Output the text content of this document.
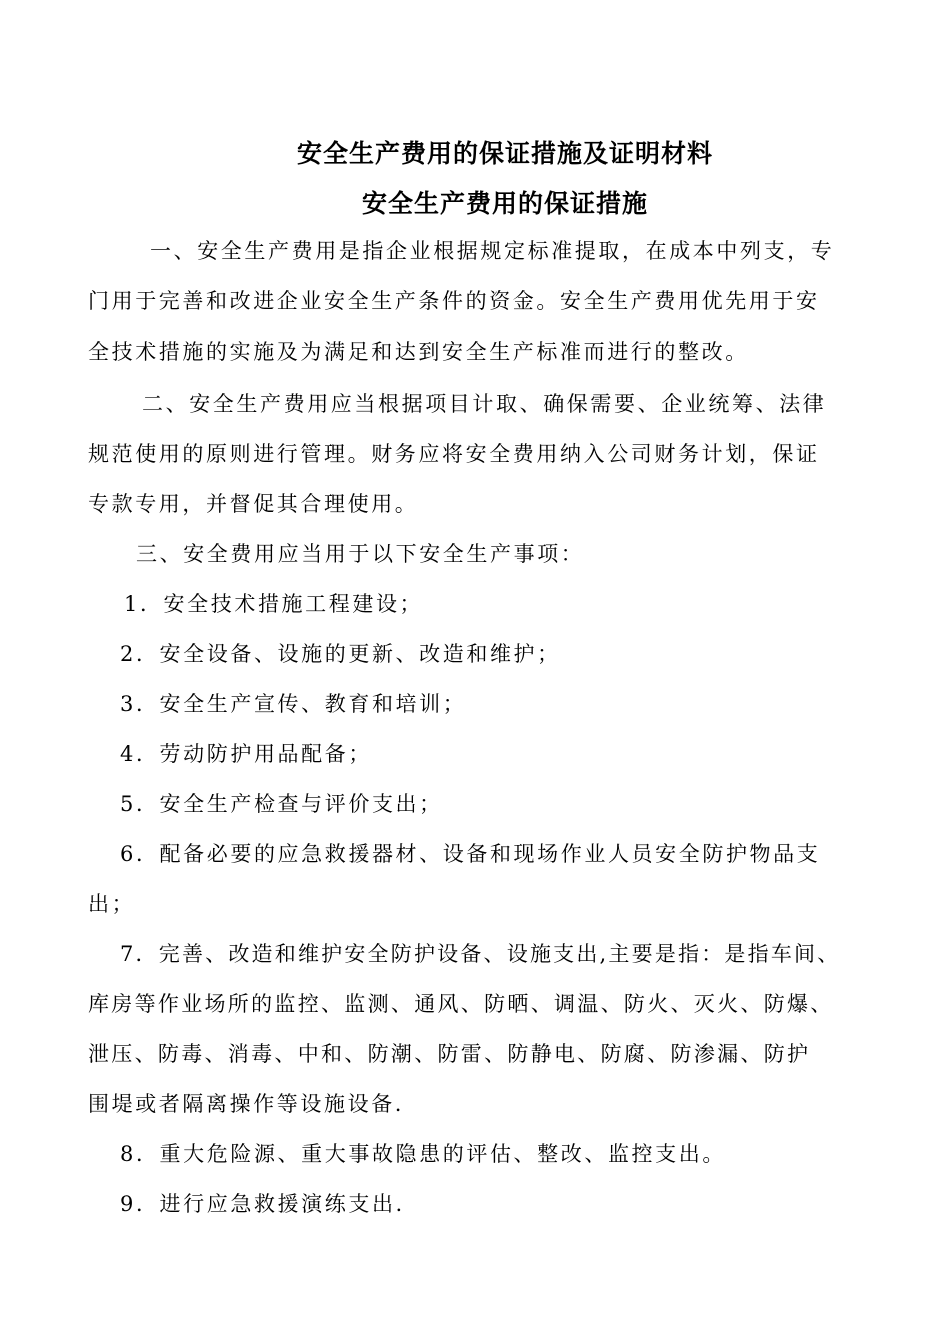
安全生产费用的保证措施及证明材料
安全生产费用的保证措施
一、安全生产费用是指企业根据规定标准提取，在成本中列支，专
门用于完善和改进企业安全生产条件的资金。安全生产费用优先用于安
全技术措施的实施及为满足和达到安全生产标准而进行的整改。
二、安全生产费用应当根据项目计取、确保需要、企业统筹、法律
规范使用的原则进行管理。财务应将安全费用纳入公司财务计划，保证
专款专用，并督促其合理使用。
三、安全费用应当用于以下安全生产事项：
1．安全技术措施工程建设；
2．安全设备、设施的更新、改造和维护；
3．安全生产宣传、教育和培训；
4．劳动防护用品配备；
5．安全生产检查与评价支出；
6．配备必要的应急救援器材、设备和现场作业人员安全防护物品支
出；
7．完善、改造和维护安全防护设备、设施支出,主要是指：是指车间、
库房等作业场所的监控、监测、通风、防晒、调温、防火、灭火、防爆、
泄压、防毒、消毒、中和、防潮、防雷、防静电、防腐、防渗漏、防护
围堤或者隔离操作等设施设备.
8．重大危险源、重大事故隐患的评估、整改、监控支出。
9．进行应急救援演练支出.
